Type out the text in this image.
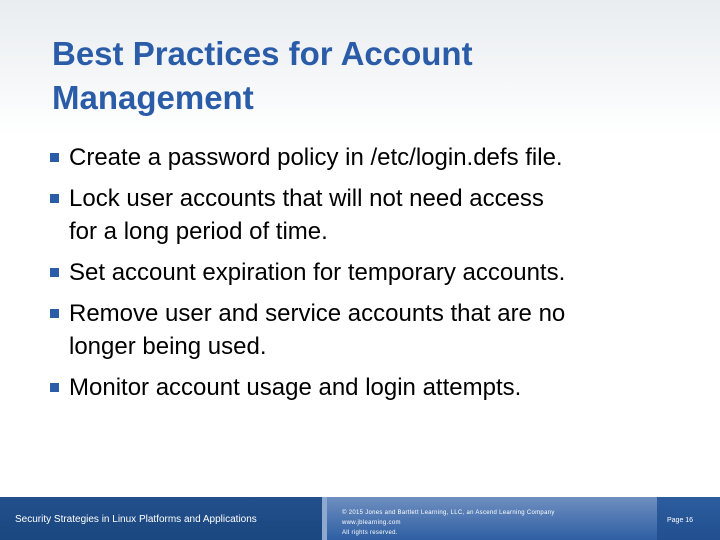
Best Practices for Account
Management
Create a password policy in /etc/login.defs file.
Lock user accounts that will not need access
for a long period of time.
Set account expiration for temporary accounts.
Remove user and service accounts that are no
longer being used.
Monitor account usage and login attempts.
Security Strategies in Linux Platforms and Applications
© 2015 Jones and Bartlett Learning, LLC, an Ascend Learning Company
www.jblearning.com
All rights reserved.
Page 16
